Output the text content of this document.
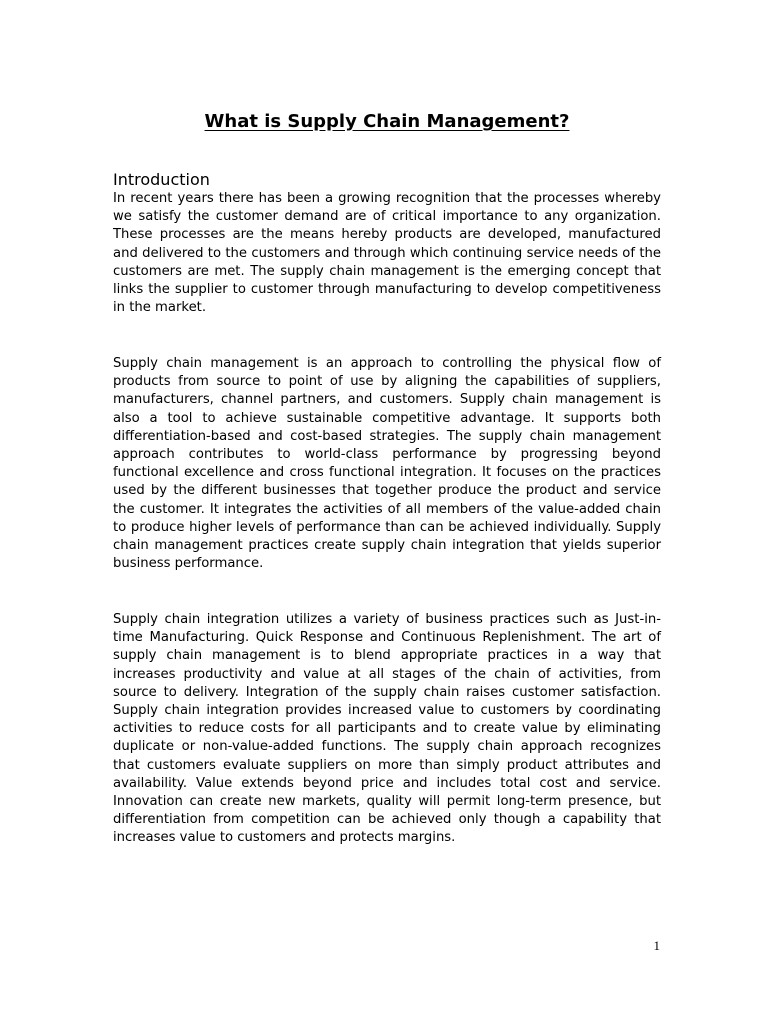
What is Supply Chain Management?
Introduction

In recent years there has been a growing recognition that the processes whereby we satisfy the customer demand are of critical importance to any organization. These processes are the means hereby products are developed, manufactured and delivered to the customers and through which continuing service needs of the customers are met. The supply chain management is the emerging concept that links the supplier to customer through manufacturing to develop competitiveness in the market.

Supply chain management is an approach to controlling the physical flow of products from source to point of use by aligning the capabilities of suppliers, manufacturers, channel partners, and customers. Supply chain management is also a tool to achieve sustainable competitive advantage. It supports both differentiation-based and cost-based strategies. The supply chain management approach contributes to world-class performance by progressing beyond functional excellence and cross functional integration. It focuses on the practices used by the different businesses that together produce the product and service the customer. It integrates the activities of all members of the value-added chain to produce higher levels of performance than can be achieved individually. Supply chain management practices create supply chain integration that yields superior business performance.

Supply chain integration utilizes a variety of business practices such as Just-in-time Manufacturing. Quick Response and Continuous Replenishment. The art of supply chain management is to blend appropriate practices in a way that increases productivity and value at all stages of the chain of activities, from source to delivery. Integration of the supply chain raises customer satisfaction. Supply chain integration provides increased value to customers by coordinating activities to reduce costs for all participants and to create value by eliminating duplicate or non-value-added functions. The supply chain approach recognizes that customers evaluate suppliers on more than simply product attributes and availability. Value extends beyond price and includes total cost and service. Innovation can create new markets, quality will permit long-term presence, but differentiation from competition can be achieved only though a capability that increases value to customers and protects margins.

1
